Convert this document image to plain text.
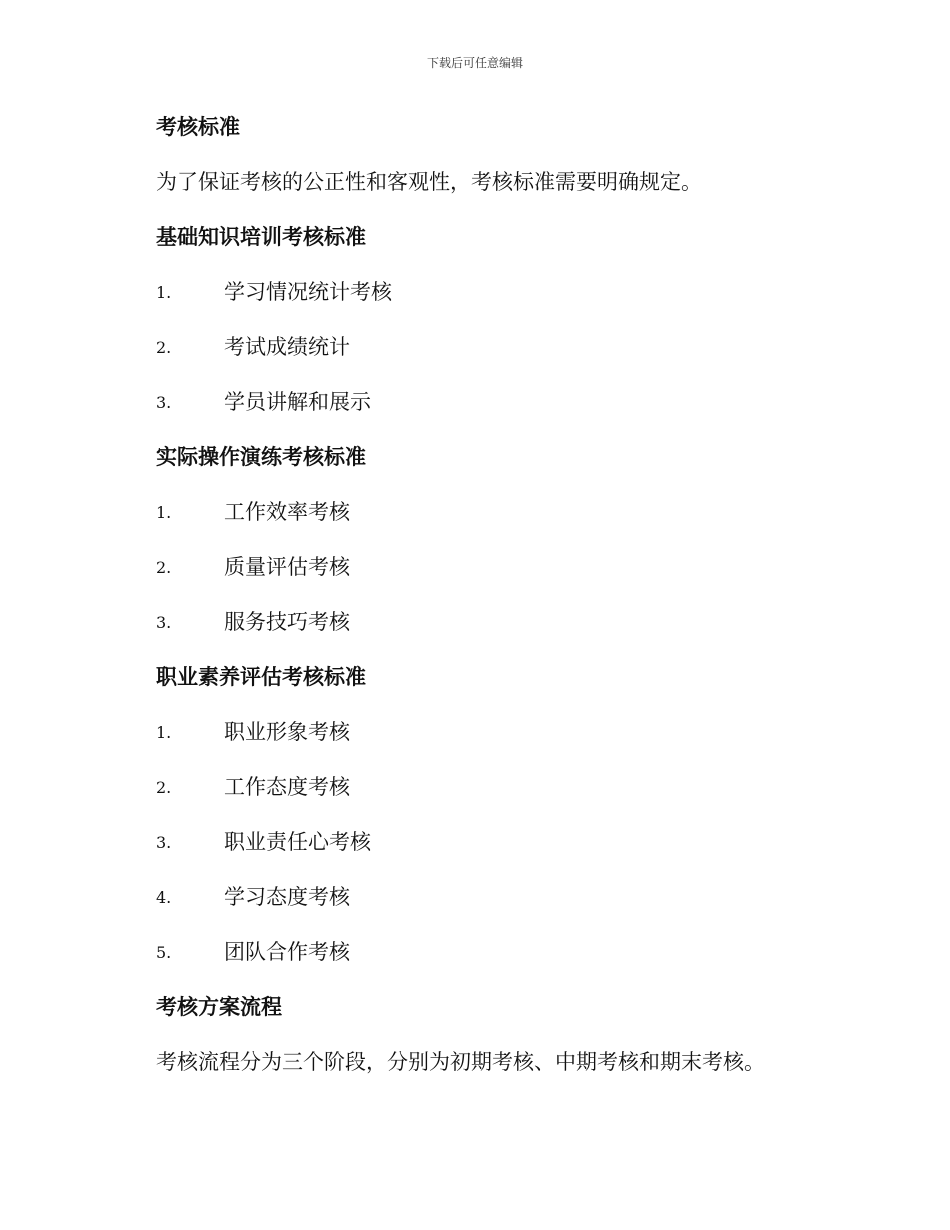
下载后可任意编辑
考核标准
为了保证考核的公正性和客观性，考核标准需要明确规定。
基础知识培训考核标准
1.	学习情况统计考核
2.	考试成绩统计
3.	学员讲解和展示
实际操作演练考核标准
1.	工作效率考核
2.	质量评估考核
3.	服务技巧考核
职业素养评估考核标准
1.	职业形象考核
2.	工作态度考核
3.	职业责任心考核
4.	学习态度考核
5.	团队合作考核
考核方案流程
考核流程分为三个阶段，分别为初期考核、中期考核和期末考核。
